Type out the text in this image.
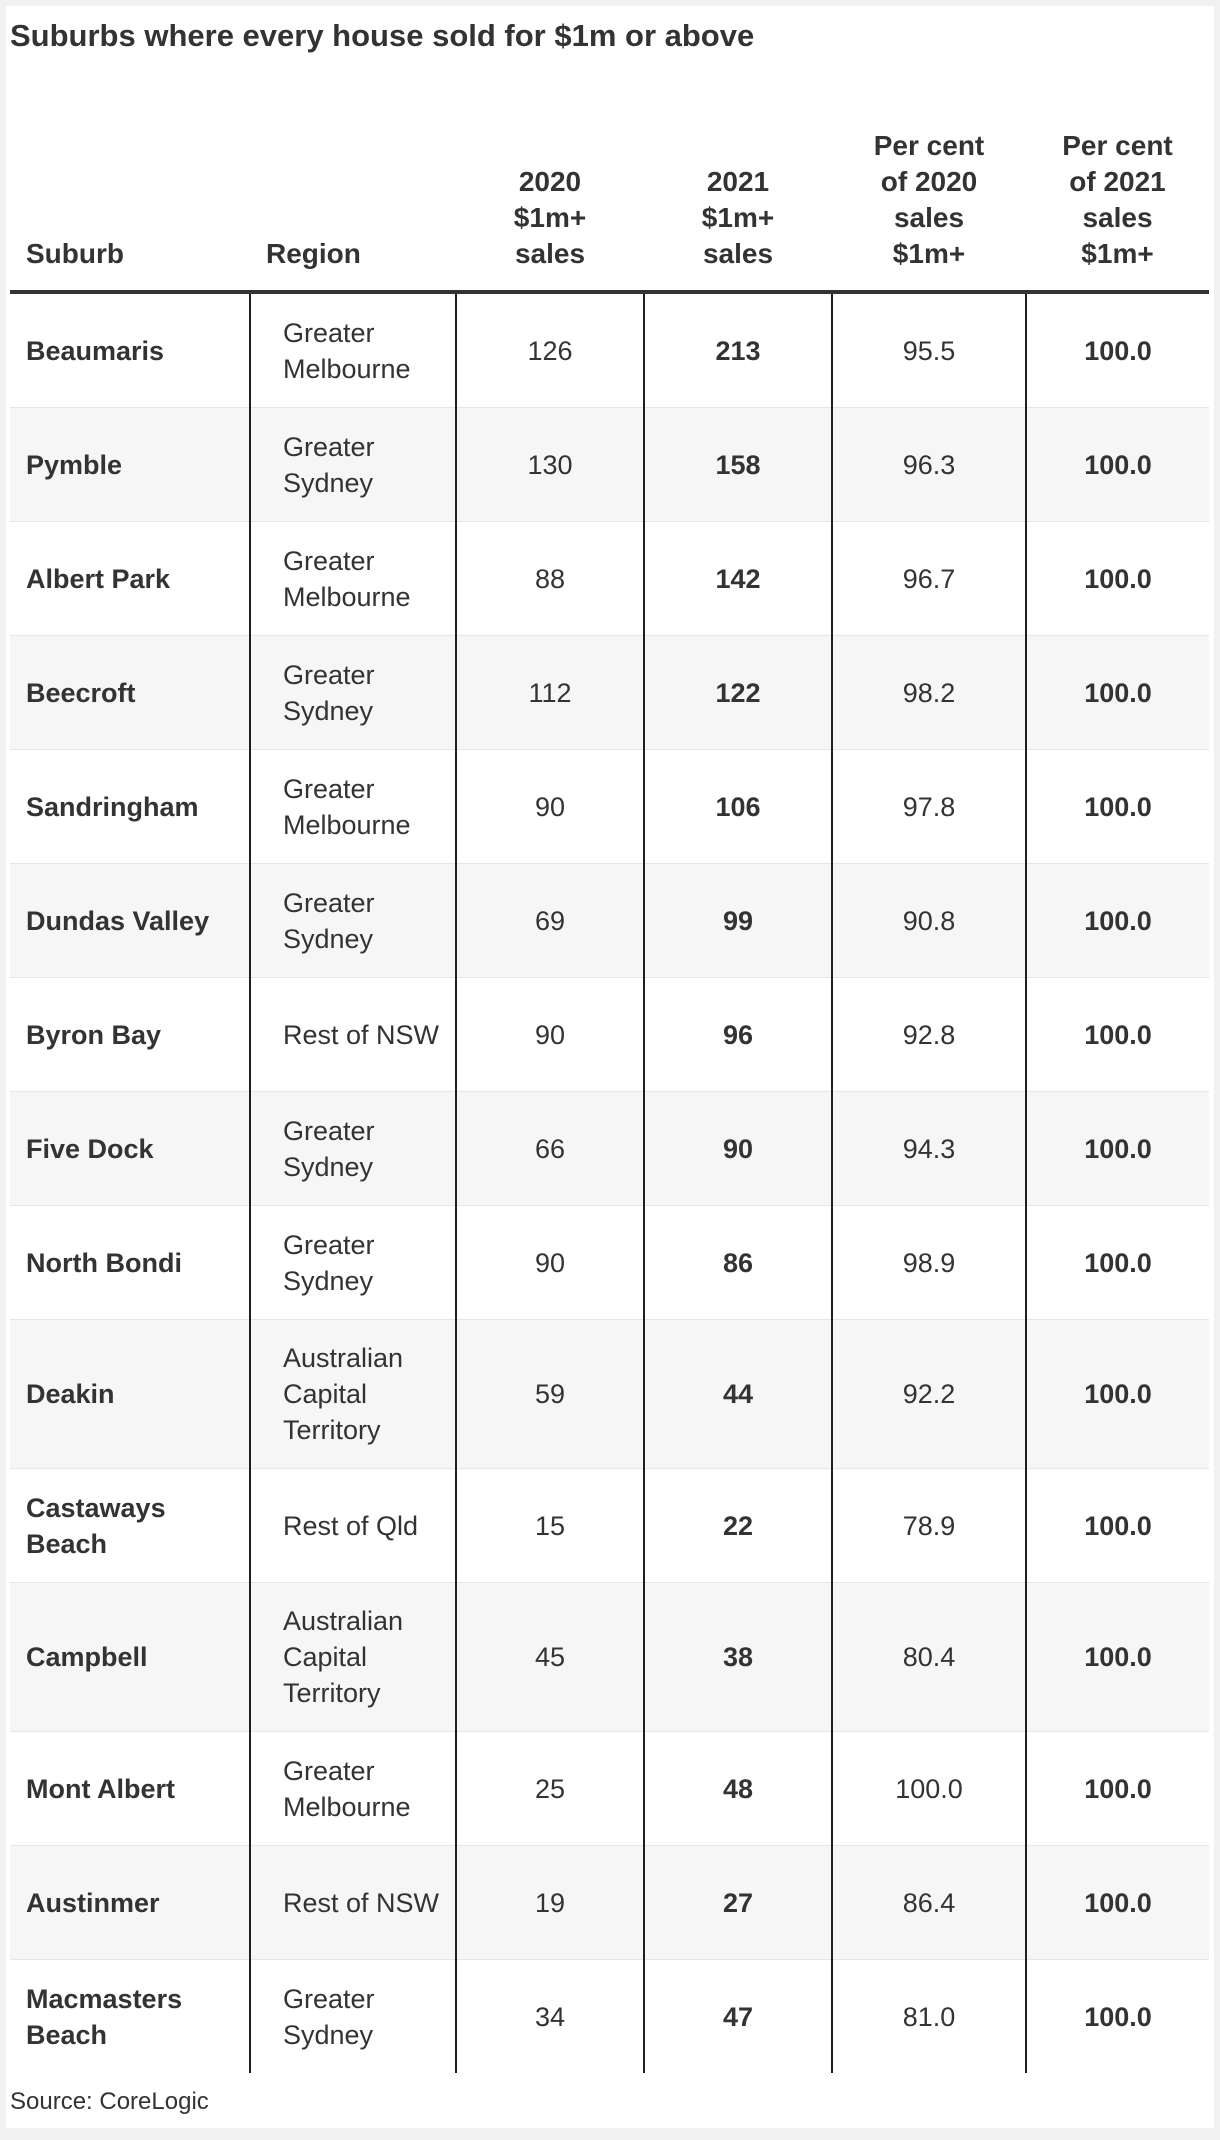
Suburbs where every house sold for $1m or above
Suburb	Region	2020
$1m+
sales	2021
$1m+
sales	Per cent
of 2020
sales
$1m+	Per cent
of 2021
sales
$1m+

Beaumaris	Greater Melbourne	126	213	95.5	100.0
Pymble	Greater Sydney	130	158	96.3	100.0
Albert Park	Greater Melbourne	88	142	96.7	100.0
Beecroft	Greater Sydney	112	122	98.2	100.0
Sandringham	Greater Melbourne	90	106	97.8	100.0
Dundas Valley	Greater Sydney	69	99	90.8	100.0
Byron Bay	Rest of NSW	90	96	92.8	100.0
Five Dock	Greater Sydney	66	90	94.3	100.0
North Bondi	Greater Sydney	90	86	98.9	100.0
Deakin	Australian Capital Territory	59	44	92.2	100.0
Castaways Beach	Rest of Qld	15	22	78.9	100.0
Campbell	Australian Capital Territory	45	38	80.4	100.0
Mont Albert	Greater Melbourne	25	48	100.0	100.0
Austinmer	Rest of NSW	19	27	86.4	100.0
Macmasters Beach	Greater Sydney	34	47	81.0	100.0
Source: CoreLogic
